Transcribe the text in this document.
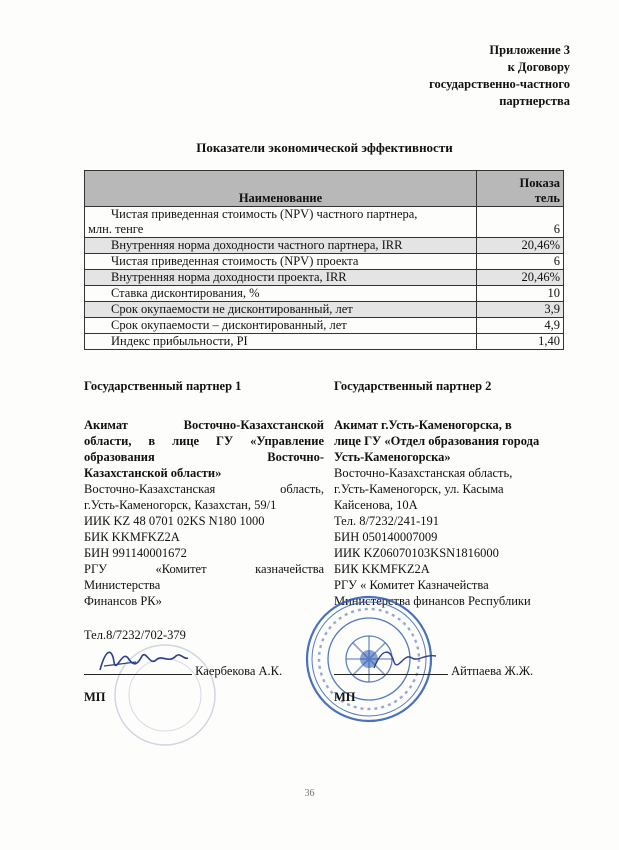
Приложение 3
к Договору
государственно-частного
партнерства
Показатели экономической эффективности
Наименование	Показа
тель
Чистая приведенная стоимость (NPV) частного партнера,
млн. тенге	6
Внутренняя норма доходности частного партнера, IRR	20,46%
Чистая приведенная стоимость (NPV) проекта	6
Внутренняя норма доходности проекта, IRR	20,46%
Ставка дисконтирования, %	10
Срок окупаемости не дисконтированный, лет	3,9
Срок окупаемости – дисконтированный, лет	4,9
Индекс прибыльности, PI	1,40
Государственный партнер 1
Акимат Восточно-Казахстанской
области, в лице ГУ «Управление
образования Восточно-
Казахстанской области»
Восточно-Казахстанская область,
г.Усть-Каменогорск, Казахстан, 59/1
ИИК KZ 48 0701 02KS N180 1000
БИК KKMFKZ2A
БИН 991140001672
РГУ «Комитет казначейства
Министерства
Финансов РК»
Тел.8/7232/702-379
Государственный партнер 2
Акимат г.Усть-Каменогорска, в
лице ГУ «Отдел образования города
Усть-Каменогорска»
Восточно-Казахстанская область,
г.Усть-Каменогорск, ул. Касыма
Кайсенова, 10А
Тел. 8/7232/241-191
БИН 050140007009
ИИК KZ06070103KSN1816000
БИК KKMFKZ2A
РГУ « Комитет Казначейства
Министерства финансов Республики
Каербекова А.К.	Айтпаева Ж.Ж.
МП	МП
36
